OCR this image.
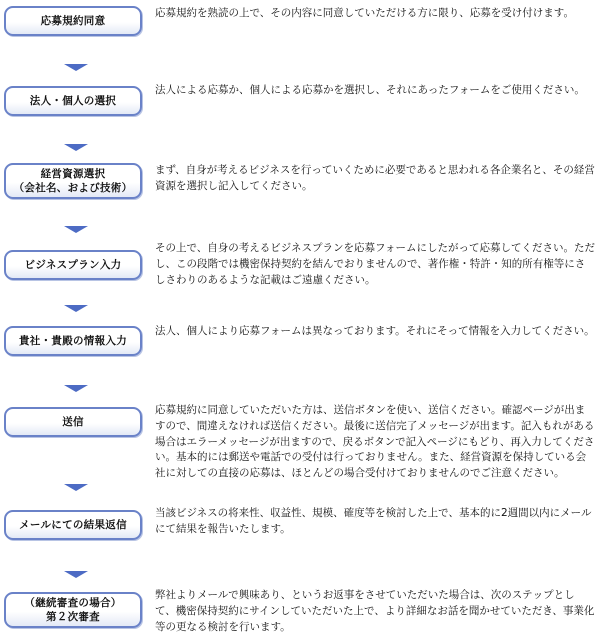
応募規約同意

応募規約を熟読の上で、その内容に同意していただける方に限り、応募を受け付けます。

法人・個人の選択

法人による応募か、個人による応募かを選択し、それにあったフォームをご使用ください。

経営資源選択
（会社名、および技術）

まず、自身が考えるビジネスを行っていくために必要であると思われる各企業名と、その経営資源を選択し記入してください。

ビジネスプラン入力

その上で、自身の考えるビジネスプランを応募フォームにしたがって応募してください。ただし、この段階では機密保持契約を結んでおりませんので、著作権・特許・知的所有権等にさしさわりのあるような記載はご遠慮ください。

貴社・貴殿の情報入力

法人、個人により応募フォームは異なっております。それにそって情報を入力してください。

送信

応募規約に同意していただいた方は、送信ボタンを使い、送信ください。確認ページが出ますので、間違えなければ送信ください。最後に送信完了メッセージが出ます。記入もれがある場合はエラーメッセージが出ますので、戻るボタンで記入ページにもどり、再入力してください。基本的には郵送や電話での受付は行っておりません。また、経営資源を保持している会社に対しての直接の応募は、ほとんどの場合受付けておりませんのでご注意ください。

メールにての結果返信

当該ビジネスの将来性、収益性、規模、確度等を検討した上で、基本的に2週間以内にメールにて結果を報告いたします。

（継続審査の場合）
第２次審査

弊社よりメールで興味あり、というお返事をさせていただいた場合は、次のステップとして、機密保持契約にサインしていただいた上で、より詳細なお話を聞かせていただき、事業化等の更なる検討を行います。
